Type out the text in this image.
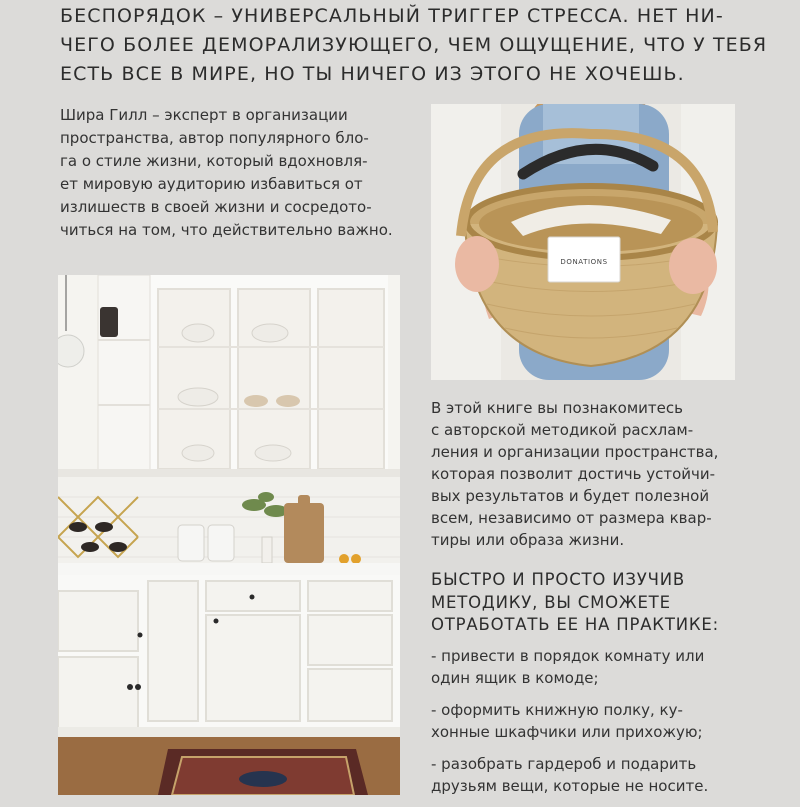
БЕСПОРЯДОК – УНИВЕРСАЛЬНЫЙ ТРИГГЕР СТРЕССА. НЕТ НИ-
ЧЕГО БОЛЕЕ ДЕМОРАЛИЗУЮЩЕГО, ЧЕМ ОЩУЩЕНИЕ, ЧТО У ТЕБЯ
ЕСТЬ ВСЕ В МИРЕ, НО ТЫ НИЧЕГО ИЗ ЭТОГО НЕ ХОЧЕШЬ.
Шира Гилл – эксперт в организации
пространства, автор популярного бло-
га о стиле жизни, который вдохновля-
ет мировую аудиторию избавиться от
излишеств в своей жизни и сосредото-
читься на том, что действительно важно.
DONATIONS
В этой книге вы познакомитесь
с авторской методикой расхлам-
ления и организации пространства,
которая позволит достичь устойчи-
вых результатов и будет полезной
всем, независимо от размера квар-
тиры или образа жизни.
БЫСТРО И ПРОСТО ИЗУЧИВ
МЕТОДИКУ, ВЫ СМОЖЕТЕ
ОТРАБОТАТЬ ЕЕ НА ПРАКТИКЕ:
- привести в порядок комнату или
один ящик в комоде;
- оформить книжную полку, ку-
хонные шкафчики или прихожую;
- разобрать гардероб и подарить
друзьям вещи, которые не носите.
